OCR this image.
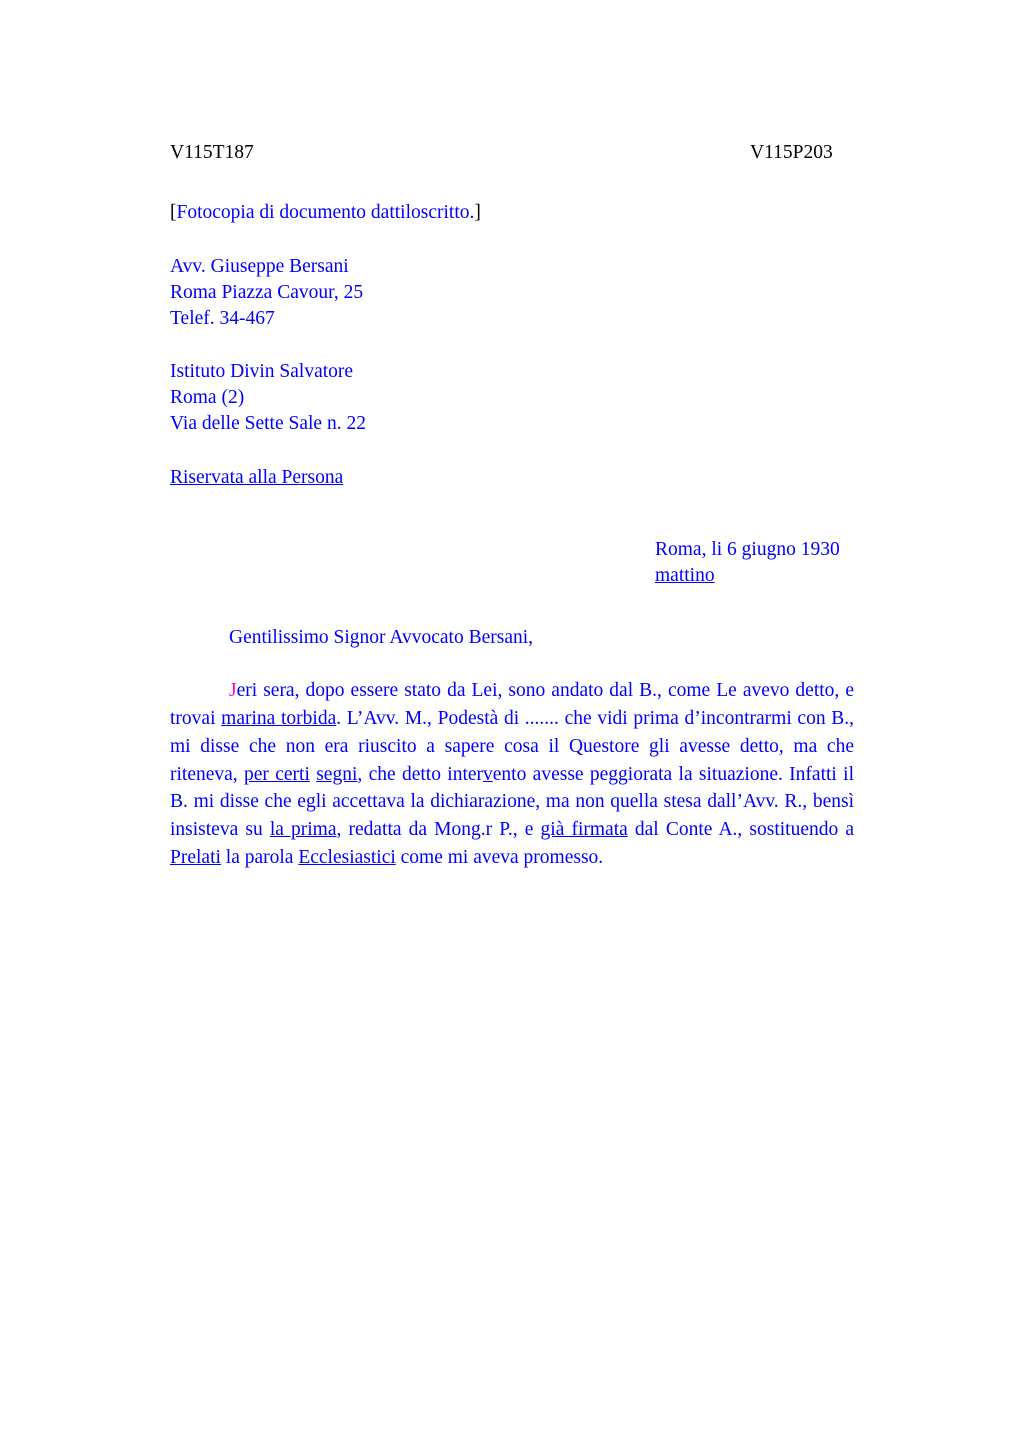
V115T187	V115P203
[Fotocopia di documento dattiloscritto.]
Avv. Giuseppe Bersani
Roma Piazza Cavour, 25
Telef. 34-467
Istituto Divin Salvatore
Roma (2)
Via delle Sette Sale n. 22
Riservata alla Persona
Roma, li 6 giugno 1930
mattino
Gentilissimo Signor Avvocato Bersani,
Jeri sera, dopo essere stato da Lei, sono andato dal B., come Le avevo detto, e trovai marina torbida. L’Avv. M., Podestà di ....... che vidi prima d’incontrarmi con B., mi disse che non era riuscito a sapere cosa il Questore gli avesse detto, ma che riteneva, per certi segni, che detto intervento avesse peggiorata la situazione. Infatti il B. mi disse che egli accettava la dichiarazione, ma non quella stesa dall’Avv. R., bensì insisteva su la prima, redatta da Mong.r P., e già firmata dal Conte A., sostituendo a Prelati la parola Ecclesiastici come mi aveva promesso.
